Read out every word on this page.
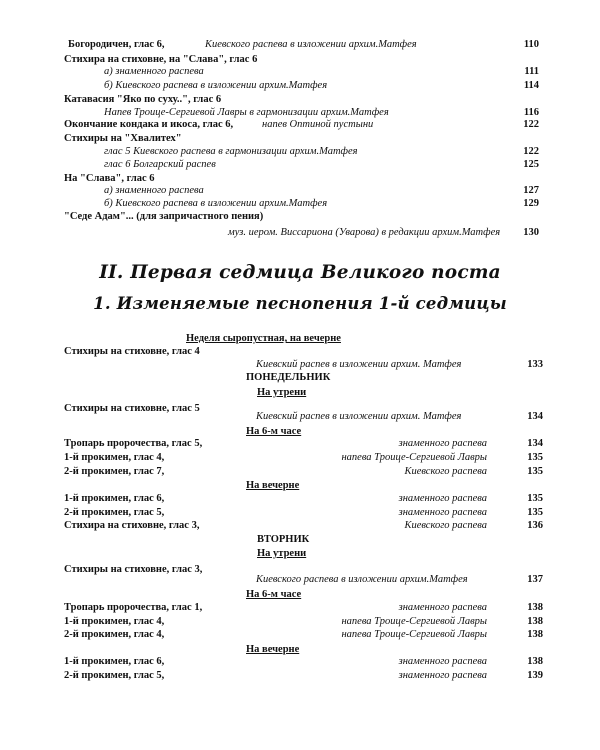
Богородичен, глас 6,	Киевского распева в изложении архим.Матфея	110
Стихира на стиховне, на "Слава", глас 6
а) знаменного распева	111
б) Киевского распева в изложении архим.Матфея	114
Катавасия "Яко по суху..", глас 6
Напев Троице-Сергиевой Лавры в гармонизации архим.Матфея	116
Окончание кондака и икоса, глас 6,	напев Оптиной пустыни	122
Стихиры на "Хвалитех"
глас 5 Киевского распева в гармонизации архим.Матфея	122
глас 6 Болгарский распев	125
На "Слава", глас 6
а) знаменного распева	127
б) Киевского распева в изложении архим.Матфея	129
"Седе Адам"... (для запричастного пения)
муз. иером. Виссариона (Уварова) в редакции архим.Матфея	130
II. Первая седмица Великого поста
1. Изменяемые песнопения 1-й седмицы
Неделя сыропустная, на вечерне
Стихиры на стиховне, глас 4
Киевский распев в изложении архим. Матфея	133
ПОНЕДЕЛЬНИК
На утрени
Стихиры на стиховне, глас 5
Киевский распев в изложении архим. Матфея	134
На 6-м часе
Тропарь пророчества, глас 5,	знаменного распева	134
1-й прокимен, глас 4,	напева Троице-Сергиевой Лавры	135
2-й прокимен, глас 7,	Киевского распева	135
На вечерне
1-й прокимен, глас 6,	знаменного распева	135
2-й прокимен, глас 5,	знаменного распева	135
Стихира на стиховне, глас 3,	Киевского распева	136
ВТОРНИК
На утрени
Стихиры на стиховне, глас 3,
Киевского распева в изложении архим.Матфея	137
На 6-м часе
Тропарь пророчества, глас 1,	знаменного распева	138
1-й прокимен, глас 4,	напева Троице-Сергиевой Лавры	138
2-й прокимен, глас 4,	напева Троице-Сергиевой Лавры	138
На вечерне
1-й прокимен, глас 6,	знаменного распева	138
2-й прокимен, глас 5,	знаменного распева	139
